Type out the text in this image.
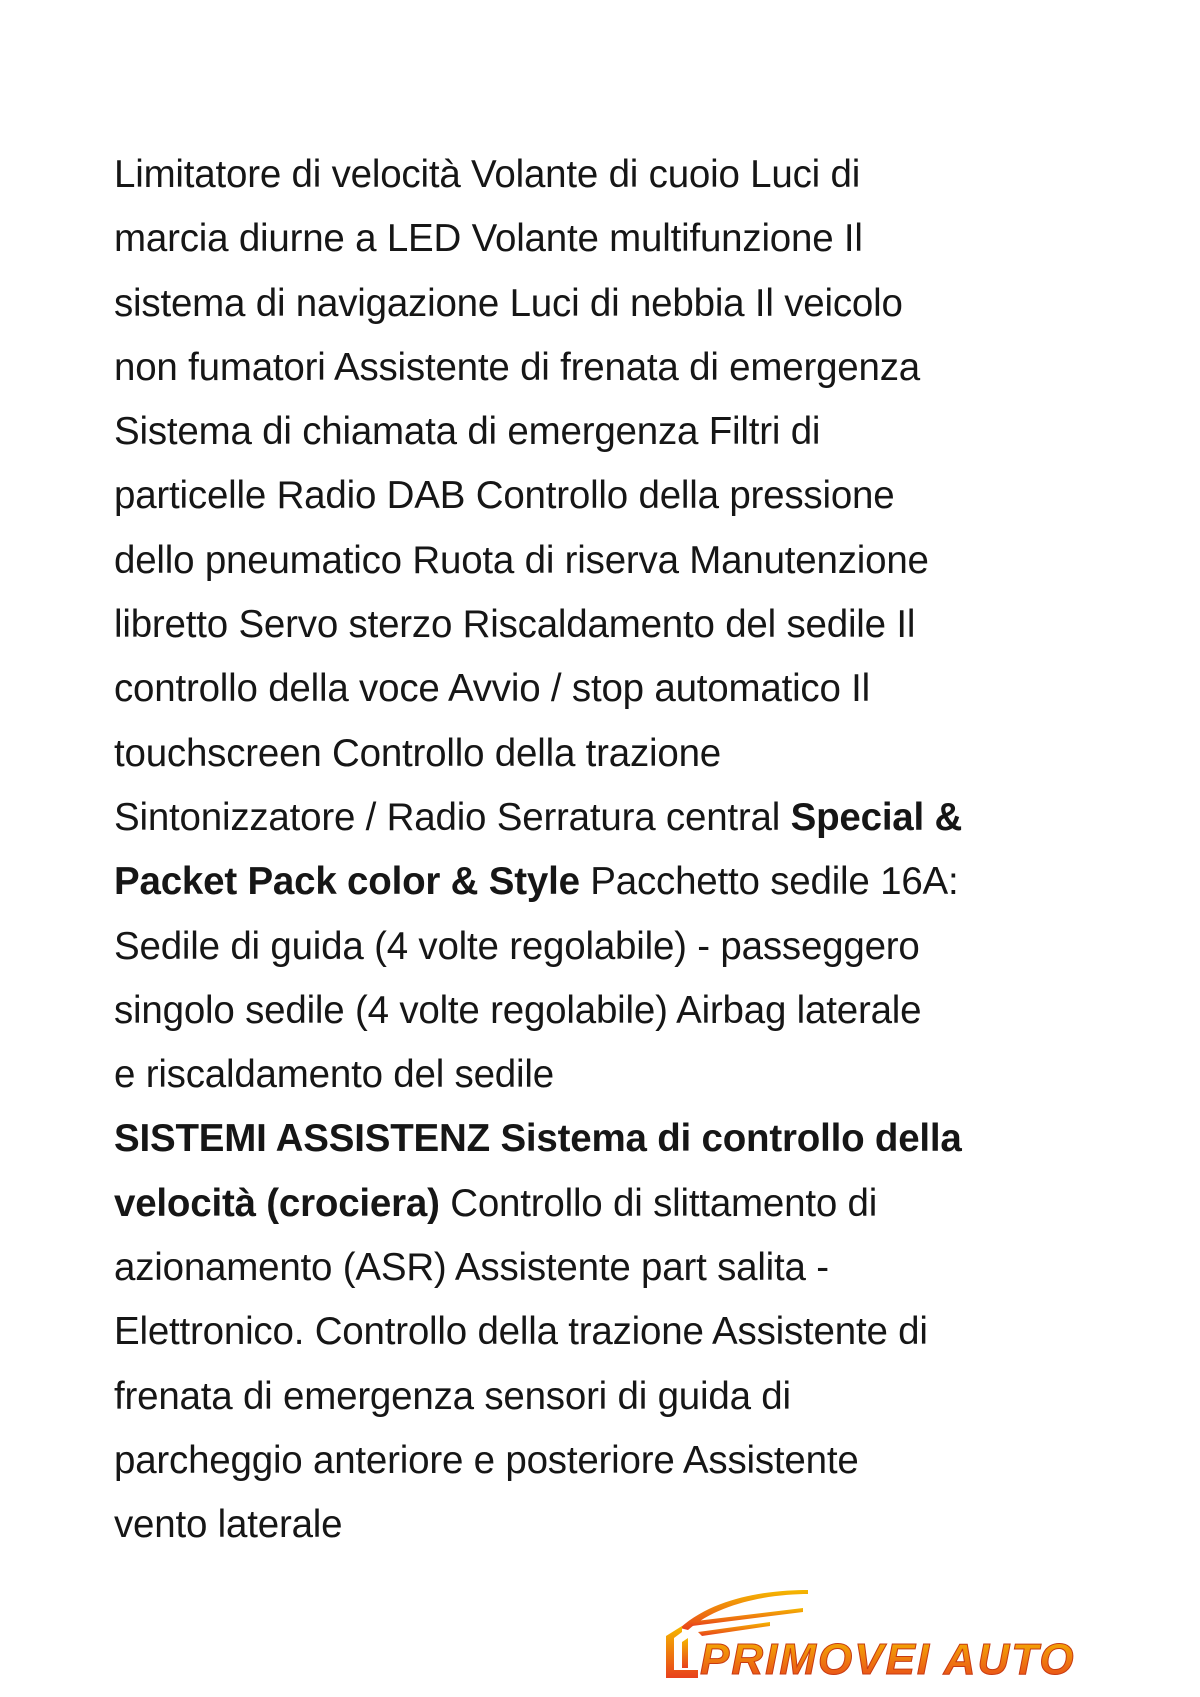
Limitatore di velocità Volante di cuoio Luci di
marcia diurne a LED Volante multifunzione Il
sistema di navigazione Luci di nebbia Il veicolo
non fumatori Assistente di frenata di emergenza
Sistema di chiamata di emergenza Filtri di
particelle Radio DAB Controllo della pressione
dello pneumatico Ruota di riserva Manutenzione
libretto Servo sterzo Riscaldamento del sedile Il
controllo della voce Avvio / stop automatico Il
touchscreen Controllo della trazione
Sintonizzatore / Radio Serratura central Special &
Packet Pack color & Style Pacchetto sedile 16A:
Sedile di guida (4 volte regolabile) - passeggero
singolo sedile (4 volte regolabile) Airbag laterale
e riscaldamento del sedile
SISTEMI ASSISTENZ Sistema di controllo della
velocità (crociera) Controllo di slittamento di
azionamento (ASR) Assistente part salita -
Elettronico. Controllo della trazione Assistente di
frenata di emergenza sensori di guida di
parcheggio anteriore e posteriore Assistente
vento laterale
PRIMOVEI AUTO
